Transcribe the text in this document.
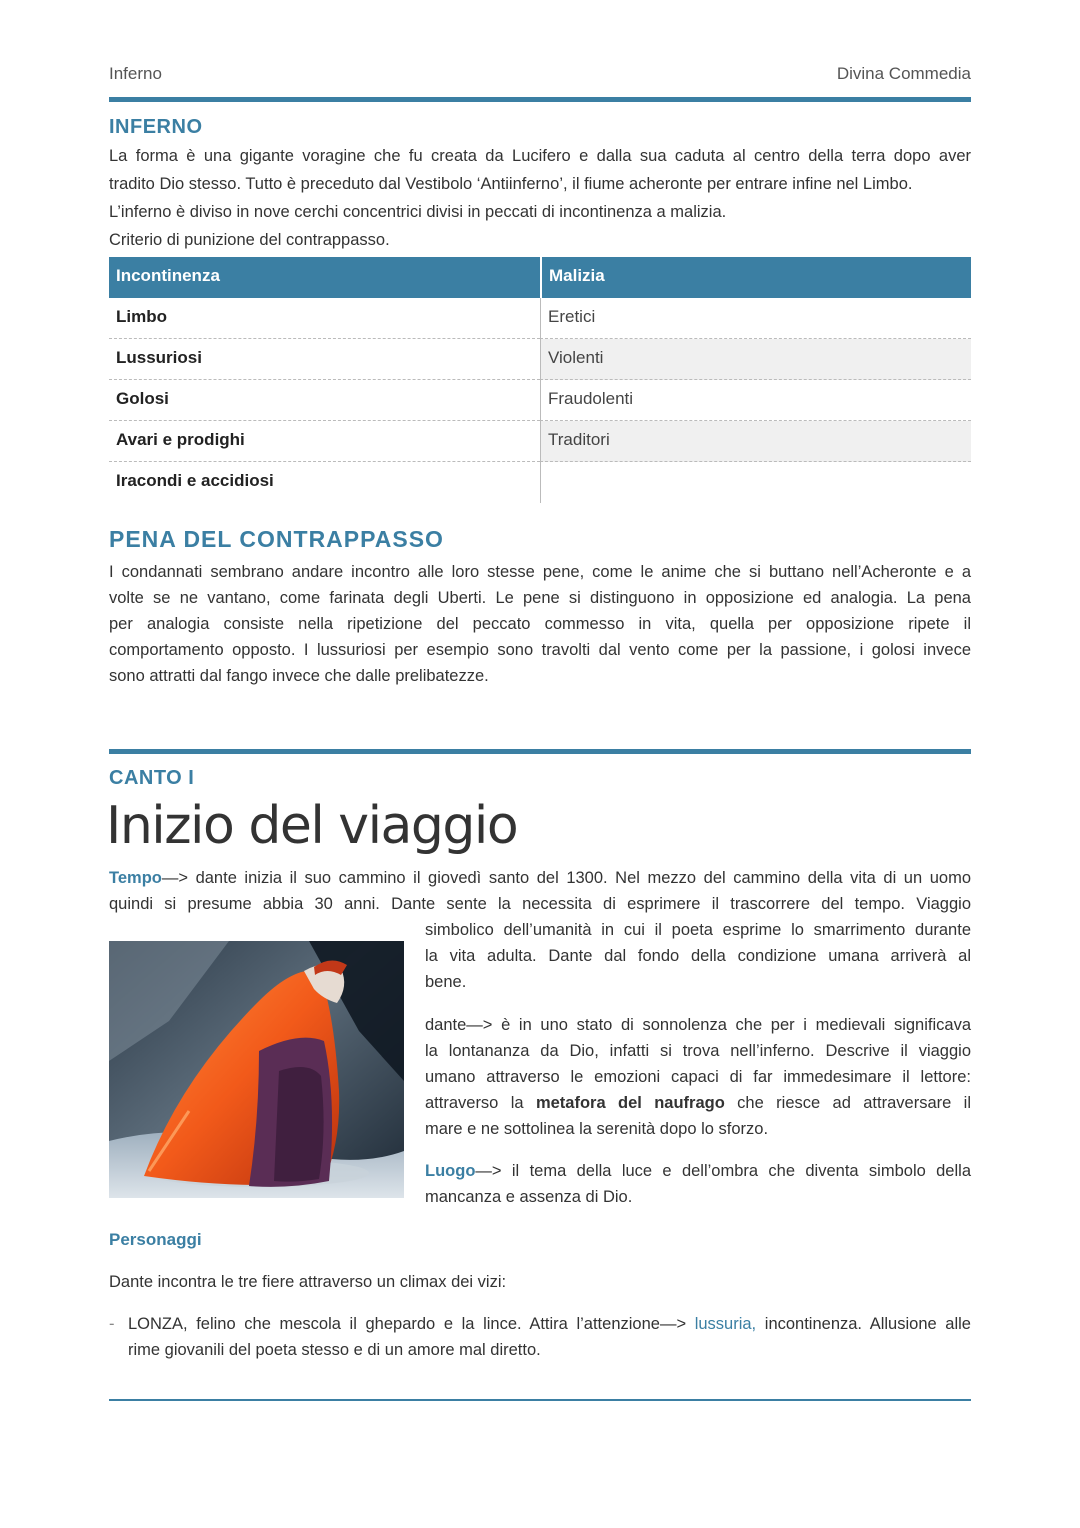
Inferno	Divina Commedia
INFERNO
La forma è una gigante voragine che fu creata da Lucifero e dalla sua caduta al centro della terra dopo aver
tradito Dio stesso. Tutto è preceduto dal Vestibolo ‘Antiinferno’, il fiume acheronte per entrare infine nel Limbo.
L’inferno è diviso in nove cerchi concentrici divisi in peccati di incontinenza a malizia.
Criterio di punizione del contrappasso.
Incontinenza	Malizia
Limbo	Eretici
Lussuriosi	Violenti
Golosi	Fraudolenti
Avari e prodighi	Traditori
Iracondi e accidiosi
PENA DEL CONTRAPPASSO
I condannati sembrano andare incontro alle loro stesse pene, come le anime che si buttano nell’Acheronte e a
volte se ne vantano, come farinata degli Uberti. Le pene si distinguono in opposizione ed analogia. La pena
per analogia consiste nella ripetizione del peccato commesso in vita, quella per opposizione ripete il
comportamento opposto. I lussuriosi per esempio sono travolti dal vento come per la passione, i golosi invece
sono attratti dal fango invece che dalle prelibatezze.
CANTO I
Inizio del viaggio
Tempo—> dante inizia il suo cammino il giovedì santo del 1300. Nel mezzo del cammino della vita di un uomo
quindi si presume abbia 30 anni. Dante sente la necessita di esprimere il trascorrere del tempo. Viaggio
simbolico dell’umanità in cui il poeta esprime lo smarrimento durante
la vita adulta. Dante dal fondo della condizione umana arriverà al
bene.
dante—> è in uno stato di sonnolenza che per i medievali significava
la lontananza da Dio, infatti si trova nell’inferno. Descrive il viaggio
umano attraverso le emozioni capaci di far immedesimare il lettore:
attraverso la metafora del naufrago che riesce ad attraversare il
mare e ne sottolinea la serenità dopo lo sforzo.
Luogo—> il tema della luce e dell’ombra che diventa simbolo della
mancanza e assenza di Dio.
Personaggi
Dante incontra le tre fiere attraverso un climax dei vizi:
- LONZA, felino che mescola il ghepardo e la lince. Attira l’attenzione—> lussuria, incontinenza. Allusione alle
rime giovanili del poeta stesso e di un amore mal diretto.
